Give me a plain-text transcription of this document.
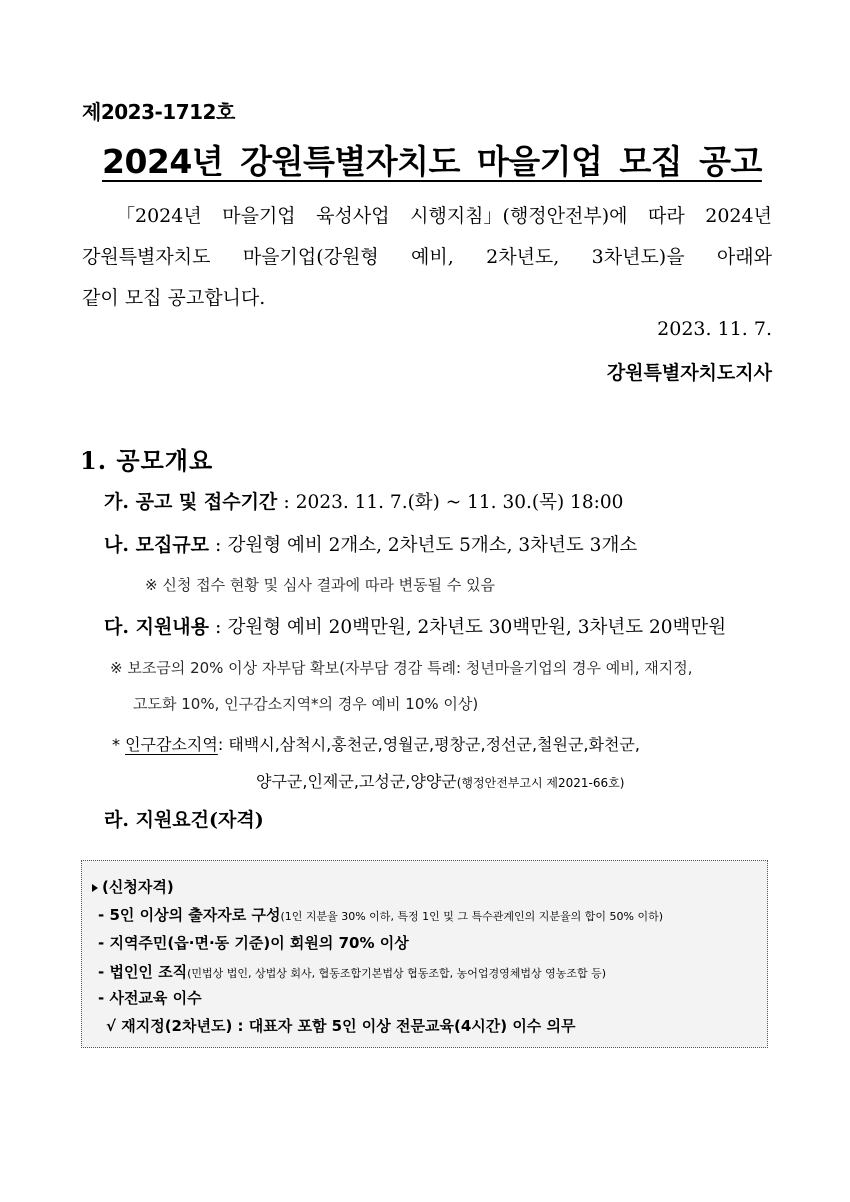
제2023-1712호
2024년 강원특별자치도 마을기업 모집 공고
「2024년 마을기업 육성사업 시행지침」(행정안전부)에 따라 2024년
강원특별자치도 마을기업(강원형 예비, 2차년도, 3차년도)을 아래와
같이 모집 공고합니다.
2023. 11. 7.
강원특별자치도지사
1. 공모개요
가. 공고 및 접수기간 : 2023. 11. 7.(화) ~ 11. 30.(목) 18:00
나. 모집규모 : 강원형 예비 2개소, 2차년도 5개소, 3차년도 3개소
※ 신청 접수 현황 및 심사 결과에 따라 변동될 수 있음
다. 지원내용 : 강원형 예비 20백만원, 2차년도 30백만원, 3차년도 20백만원
※ 보조금의 20% 이상 자부담 확보(자부담 경감 특례: 청년마을기업의 경우 예비, 재지정,
고도화 10%, 인구감소지역*의 경우 예비 10% 이상)
* 인구감소지역: 태백시,삼척시,홍천군,영월군,평창군,정선군,철원군,화천군,
양구군,인제군,고성군,양양군(행정안전부고시 제2021-66호)
라. 지원요건(자격)
(신청자격)
- 5인 이상의 출자자로 구성(1인 지분율 30% 이하, 특정 1인 및 그 특수관계인의 지분율의 합이 50% 이하)
- 지역주민(읍·면·동 기준)이 회원의 70% 이상
- 법인인 조직(민법상 법인, 상법상 회사, 협동조합기본법상 협동조합, 농어업경영체법상 영농조합 등)
- 사전교육 이수
√ 재지정(2차년도) : 대표자 포함 5인 이상 전문교육(4시간) 이수 의무
